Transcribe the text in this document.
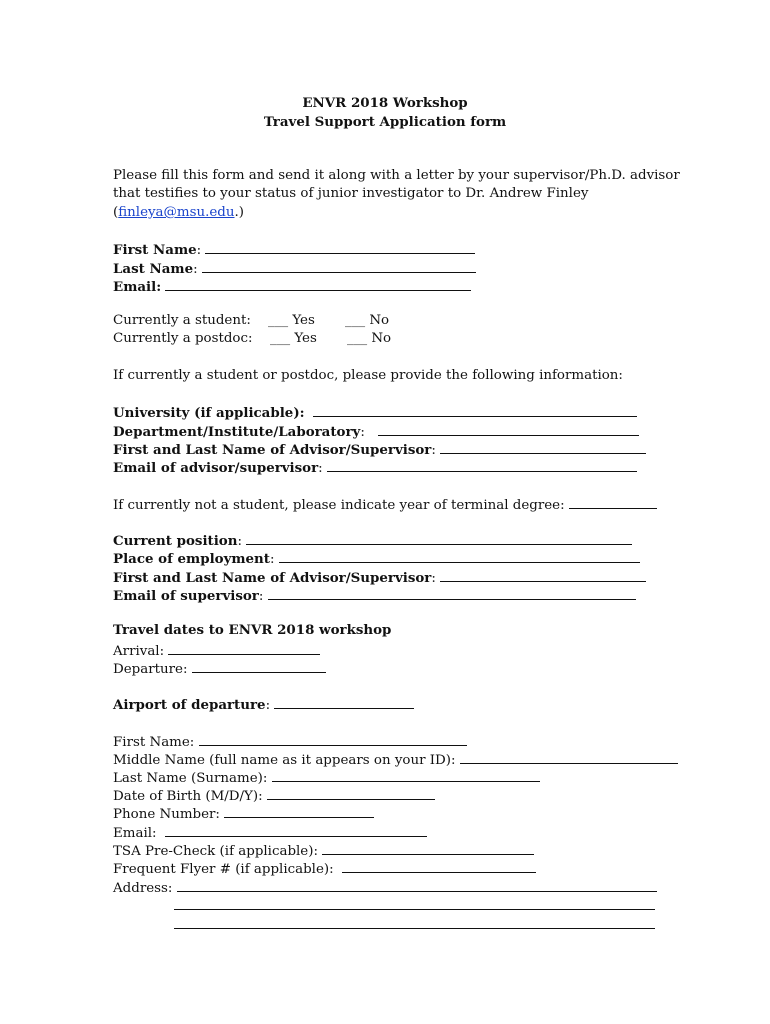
ENVR 2018 Workshop
Travel Support Application form
Please fill this form and send it along with a letter by your supervisor/Ph.D. advisor
that testifies to your status of junior investigator to Dr. Andrew Finley
(finleya@msu.edu.)
First Name:
Last Name:
Email:
Currently a student: ___ Yes ___ No
Currently a postdoc: ___ Yes ___ No
If currently a student or postdoc, please provide the following information:
University (if applicable):
Department/Institute/Laboratory:
First and Last Name of Advisor/Supervisor:
Email of advisor/supervisor:
If currently not a student, please indicate year of terminal degree:
Current position:
Place of employment:
First and Last Name of Advisor/Supervisor:
Email of supervisor:
Travel dates to ENVR 2018 workshop
Arrival:
Departure:
Airport of departure:
First Name:
Middle Name (full name as it appears on your ID):
Last Name (Surname):
Date of Birth (M/D/Y):
Phone Number:
Email:
TSA Pre-Check (if applicable):
Frequent Flyer # (if applicable):
Address:
